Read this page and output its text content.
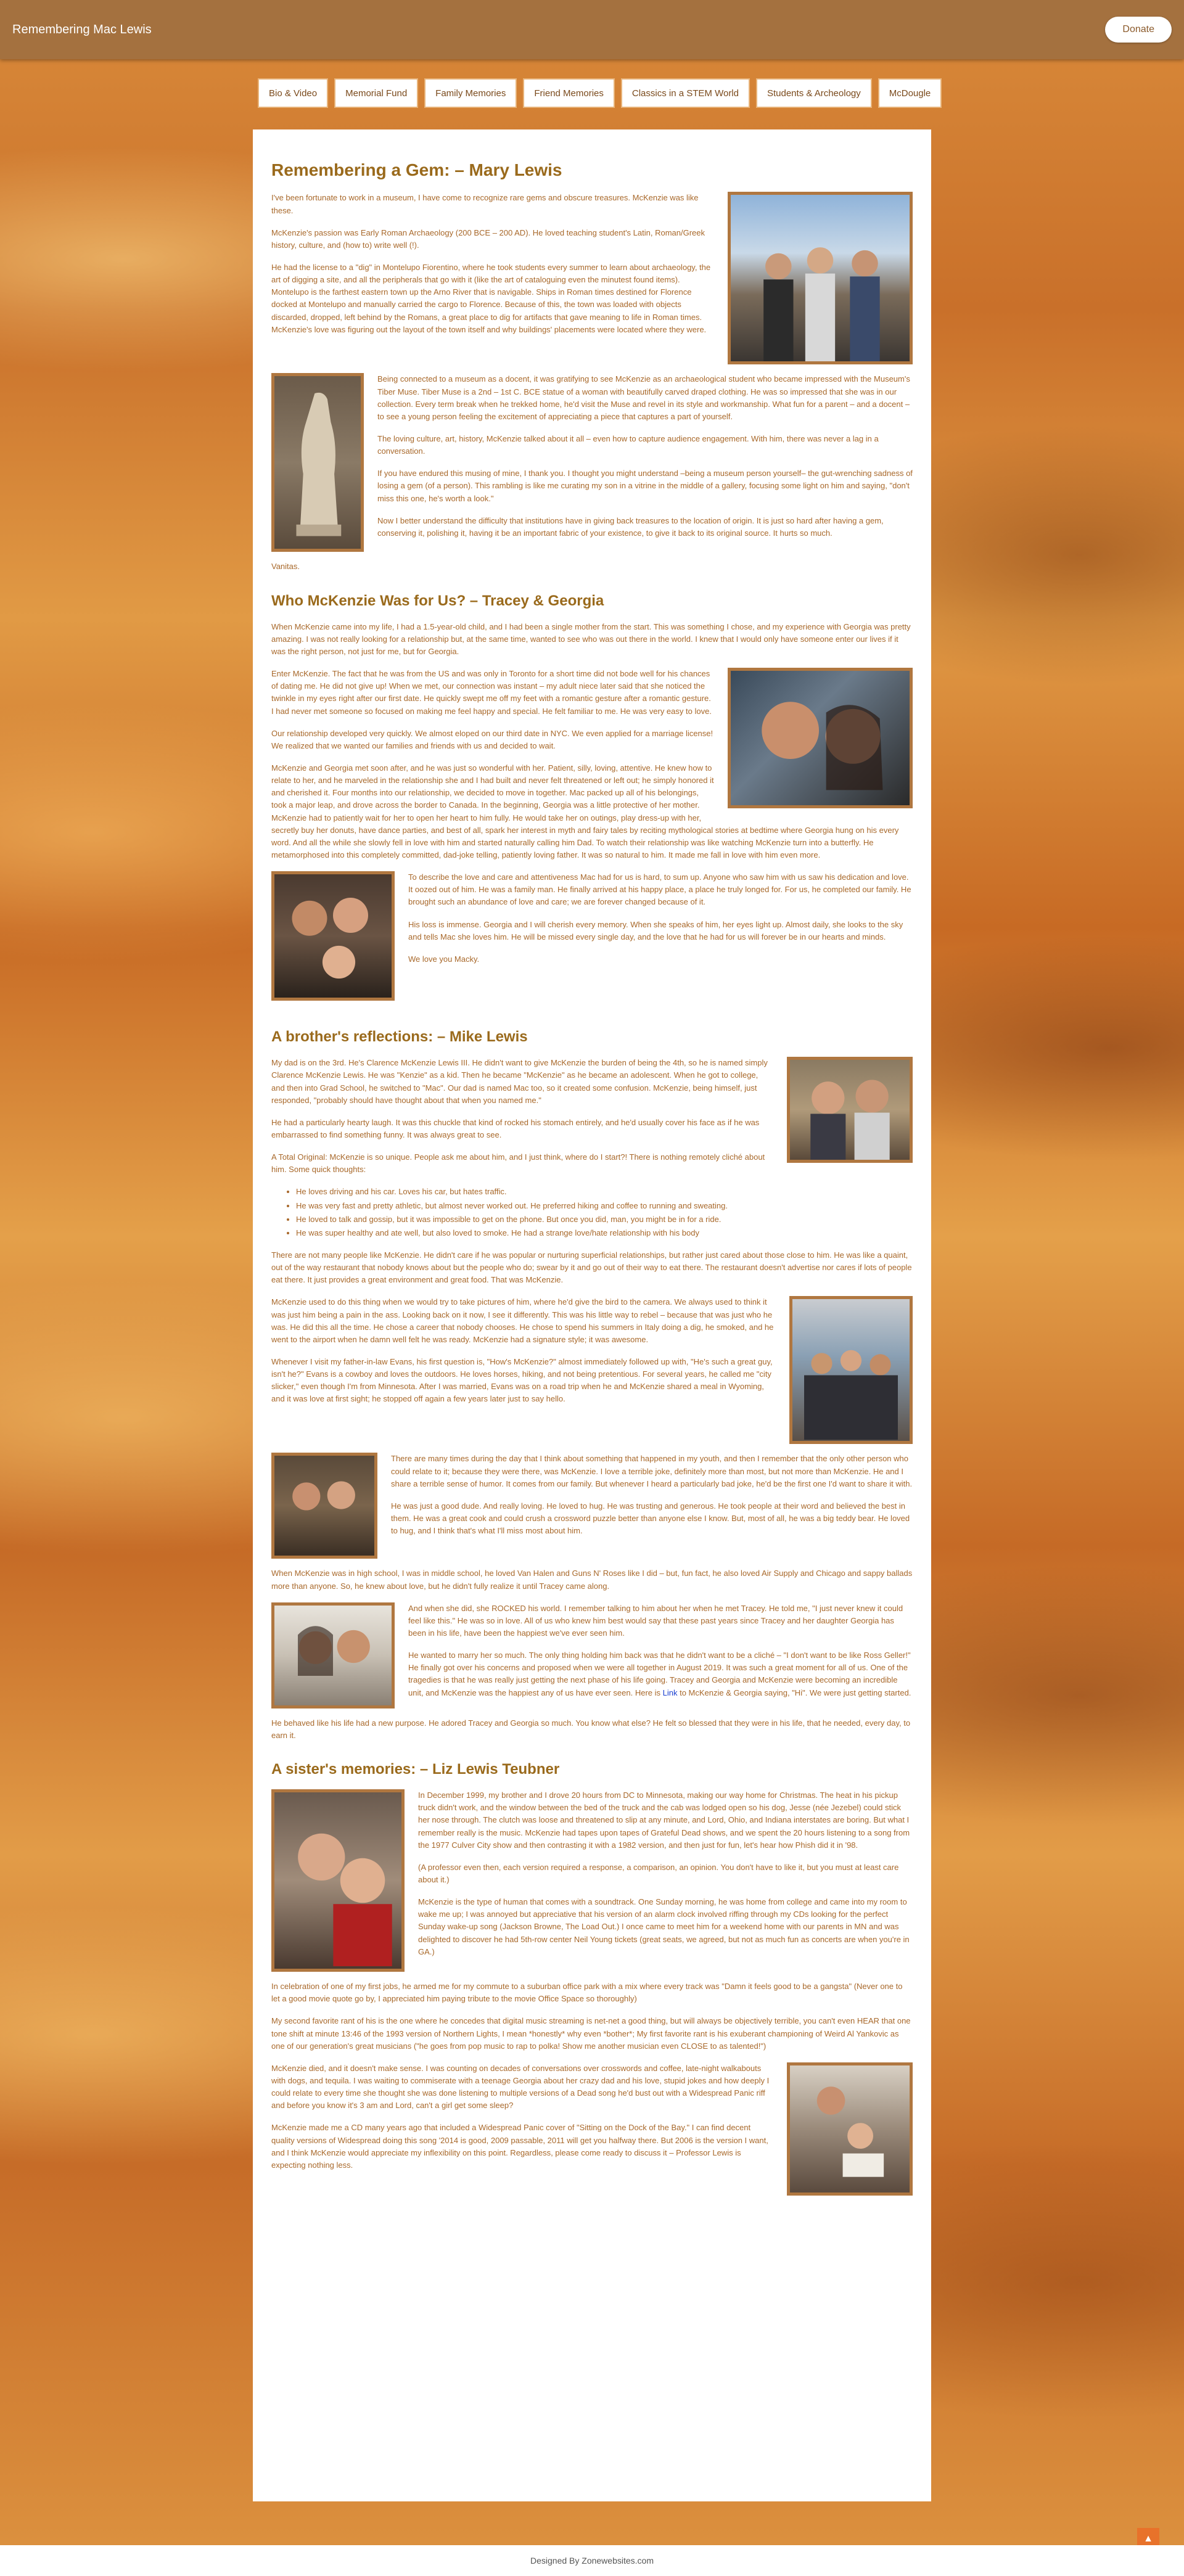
Remembering Mac Lewis	Donate
Bio & Video	Memorial Fund	Family Memories	Friend Memories	Classics in a STEM World	Students & Archeology	McDougle
Remembering a Gem: – Mary Lewis

I've been fortunate to work in a museum, I have come to recognize rare gems and obscure treasures. McKenzie was like these.

McKenzie's passion was Early Roman Archaeology (200 BCE – 200 AD). He loved teaching student's Latin, Roman/Greek history, culture, and (how to) write well (!).

He had the license to a "dig" in Montelupo Fiorentino, where he took students every summer to learn about archaeology, the art of digging a site, and all the peripherals that go with it (like the art of cataloguing even the minutest found items). Montelupo is the farthest eastern town up the Arno River that is navigable. Ships in Roman times destined for Florence docked at Montelupo and manually carried the cargo to Florence. Because of this, the town was loaded with objects discarded, dropped, left behind by the Romans, a great place to dig for artifacts that gave meaning to life in Roman times. McKenzie's love was figuring out the layout of the town itself and why buildings' placements were located where they were.

Being connected to a museum as a docent, it was gratifying to see McKenzie as an archaeological student who became impressed with the Museum's Tiber Muse. Tiber Muse is a 2nd – 1st C. BCE statue of a woman with beautifully carved draped clothing. He was so impressed that she was in our collection. Every term break when he trekked home, he'd visit the Muse and revel in its style and workmanship. What fun for a parent – and a docent – to see a young person feeling the excitement of appreciating a piece that captures a part of yourself.

The loving culture, art, history, McKenzie talked about it all – even how to capture audience engagement. With him, there was never a lag in a conversation.

If you have endured this musing of mine, I thank you. I thought you might understand –being a museum person yourself– the gut-wrenching sadness of losing a gem (of a person). This rambling is like me curating my son in a vitrine in the middle of a gallery, focusing some light on him and saying, "don't miss this one, he's worth a look."

Now I better understand the difficulty that institutions have in giving back treasures to the location of origin. It is just so hard after having a gem, conserving it, polishing it, having it be an important fabric of your existence, to give it back to its original source. It hurts so much.

Vanitas.

Who McKenzie Was for Us? – Tracey & Georgia

When McKenzie came into my life, I had a 1.5-year-old child, and I had been a single mother from the start. This was something I chose, and my experience with Georgia was pretty amazing. I was not really looking for a relationship but, at the same time, wanted to see who was out there in the world. I knew that I would only have someone enter our lives if it was the right person, not just for me, but for Georgia.

Enter McKenzie. The fact that he was from the US and was only in Toronto for a short time did not bode well for his chances of dating me. He did not give up! When we met, our connection was instant – my adult niece later said that she noticed the twinkle in my eyes right after our first date. He quickly swept me off my feet with a romantic gesture after a romantic gesture. I had never met someone so focused on making me feel happy and special. He felt familiar to me. He was very easy to love.

Our relationship developed very quickly. We almost eloped on our third date in NYC. We even applied for a marriage license! We realized that we wanted our families and friends with us and decided to wait.

McKenzie and Georgia met soon after, and he was just so wonderful with her. Patient, silly, loving, attentive. He knew how to relate to her, and he marveled in the relationship she and I had built and never felt threatened or left out; he simply honored it and cherished it. Four months into our relationship, we decided to move in together. Mac packed up all of his belongings, took a major leap, and drove across the border to Canada. In the beginning, Georgia was a little protective of her mother. McKenzie had to patiently wait for her to open her heart to him fully. He would take her on outings, play dress-up with her, secretly buy her donuts, have dance parties, and best of all, spark her interest in myth and fairy tales by reciting mythological stories at bedtime where Georgia hung on his every word. And all the while she slowly fell in love with him and started naturally calling him Dad. To watch their relationship was like watching McKenzie turn into a butterfly. He metamorphosed into this completely committed, dad-joke telling, patiently loving father. It was so natural to him. It made me fall in love with him even more.

To describe the love and care and attentiveness Mac had for us is hard, to sum up. Anyone who saw him with us saw his dedication and love. It oozed out of him. He was a family man. He finally arrived at his happy place, a place he truly longed for. For us, he completed our family. He brought such an abundance of love and care; we are forever changed because of it.

His loss is immense. Georgia and I will cherish every memory. When she speaks of him, her eyes light up. Almost daily, she looks to the sky and tells Mac she loves him. He will be missed every single day, and the love that he had for us will forever be in our hearts and minds.

We love you Macky.

A brother's reflections: – Mike Lewis

My dad is on the 3rd. He's Clarence McKenzie Lewis III. He didn't want to give McKenzie the burden of being the 4th, so he is named simply Clarence McKenzie Lewis. He was "Kenzie" as a kid. Then he became "McKenzie" as he became an adolescent. When he got to college, and then into Grad School, he switched to "Mac". Our dad is named Mac too, so it created some confusion. McKenzie, being himself, just responded, "probably should have thought about that when you named me."

He had a particularly hearty laugh. It was this chuckle that kind of rocked his stomach entirely, and he'd usually cover his face as if he was embarrassed to find something funny. It was always great to see.

A Total Original: McKenzie is so unique. People ask me about him, and I just think, where do I start?! There is nothing remotely cliché about him. Some quick thoughts:

• He loves driving and his car. Loves his car, but hates traffic.
• He was very fast and pretty athletic, but almost never worked out. He preferred hiking and coffee to running and sweating.
• He loved to talk and gossip, but it was impossible to get on the phone. But once you did, man, you might be in for a ride.
• He was super healthy and ate well, but also loved to smoke. He had a strange love/hate relationship with his body

There are not many people like McKenzie. He didn't care if he was popular or nurturing superficial relationships, but rather just cared about those close to him. He was like a quaint, out of the way restaurant that nobody knows about but the people who do; swear by it and go out of their way to eat there. The restaurant doesn't advertise nor cares if lots of people eat there. It just provides a great environment and great food. That was McKenzie.

McKenzie used to do this thing when we would try to take pictures of him, where he'd give the bird to the camera. We always used to think it was just him being a pain in the ass. Looking back on it now, I see it differently. This was his little way to rebel – because that was just who he was. He did this all the time. He chose a career that nobody chooses. He chose to spend his summers in Italy doing a dig, he smoked, and he went to the airport when he damn well felt he was ready. McKenzie had a signature style; it was awesome.

Whenever I visit my father-in-law Evans, his first question is, "How's McKenzie?" almost immediately followed up with, "He's such a great guy, isn't he?" Evans is a cowboy and loves the outdoors. He loves horses, hiking, and not being pretentious. For several years, he called me "city slicker," even though I'm from Minnesota. After I was married, Evans was on a road trip when he and McKenzie shared a meal in Wyoming, and it was love at first sight; he stopped off again a few years later just to say hello.

There are many times during the day that I think about something that happened in my youth, and then I remember that the only other person who could relate to it; because they were there, was McKenzie. I love a terrible joke, definitely more than most, but not more than McKenzie. He and I share a terrible sense of humor. It comes from our family. But whenever I heard a particularly bad joke, he'd be the first one I'd want to share it with.

He was just a good dude. And really loving. He loved to hug. He was trusting and generous. He took people at their word and believed the best in them. He was a great cook and could crush a crossword puzzle better than anyone else I know. But, most of all, he was a big teddy bear. He loved to hug, and I think that's what I'll miss most about him.

When McKenzie was in high school, I was in middle school, he loved Van Halen and Guns N' Roses like I did – but, fun fact, he also loved Air Supply and Chicago and sappy ballads more than anyone. So, he knew about love, but he didn't fully realize it until Tracey came along.

And when she did, she ROCKED his world. I remember talking to him about her when he met Tracey. He told me, "I just never knew it could feel like this." He was so in love. All of us who knew him best would say that these past years since Tracey and her daughter Georgia has been in his life, have been the happiest we've ever seen him.

He wanted to marry her so much. The only thing holding him back was that he didn't want to be a cliché – "I don't want to be like Ross Geller!" He finally got over his concerns and proposed when we were all together in August 2019. It was such a great moment for all of us. One of the tragedies is that he was really just getting the next phase of his life going. Tracey and Georgia and McKenzie were becoming an incredible unit, and McKenzie was the happiest any of us have ever seen. Here is Link to McKenzie & Georgia saying, "Hi". We were just getting started.

He behaved like his life had a new purpose. He adored Tracey and Georgia so much. You know what else? He felt so blessed that they were in his life, that he needed, every day, to earn it.

A sister's memories: – Liz Lewis Teubner

In December 1999, my brother and I drove 20 hours from DC to Minnesota, making our way home for Christmas. The heat in his pickup truck didn't work, and the window between the bed of the truck and the cab was lodged open so his dog, Jesse (née Jezebel) could stick her nose through. The clutch was loose and threatened to slip at any minute, and Lord, Ohio, and Indiana interstates are boring. But what I remember really is the music. McKenzie had tapes upon tapes of Grateful Dead shows, and we spent the 20 hours listening to a song from the 1977 Culver City show and then contrasting it with a 1982 version, and then just for fun, let's hear how Phish did it in '98.

(A professor even then, each version required a response, a comparison, an opinion. You don't have to like it, but you must at least care about it.)

McKenzie is the type of human that comes with a soundtrack. One Sunday morning, he was home from college and came into my room to wake me up; I was annoyed but appreciative that his version of an alarm clock involved riffing through my CDs looking for the perfect Sunday wake-up song (Jackson Browne, The Load Out.) I once came to meet him for a weekend home with our parents in MN and was delighted to discover he had 5th-row center Neil Young tickets (great seats, we agreed, but not as much fun as concerts are when you're in GA.)

In celebration of one of my first jobs, he armed me for my commute to a suburban office park with a mix where every track was "Damn it feels good to be a gangsta" (Never one to let a good movie quote go by, I appreciated him paying tribute to the movie Office Space so thoroughly)

My second favorite rant of his is the one where he concedes that digital music streaming is net-net a good thing, but will always be objectively terrible, you can't even HEAR that one tone shift at minute 13:46 of the 1993 version of Northern Lights, I mean *honestly* why even *bother*; My first favorite rant is his exuberant championing of Weird Al Yankovic as one of our generation's great musicians ("he goes from pop music to rap to polka! Show me another musician even CLOSE to as talented!")

McKenzie died, and it doesn't make sense. I was counting on decades of conversations over crosswords and coffee, late-night walkabouts with dogs, and tequila. I was waiting to commiserate with a teenage Georgia about her crazy dad and his love, stupid jokes and how deeply I could relate to every time she thought she was done listening to multiple versions of a Dead song he'd bust out with a Widespread Panic riff and before you know it's 3 am and Lord, can't a girl get some sleep?

McKenzie made me a CD many years ago that included a Widespread Panic cover of "Sitting on the Dock of the Bay." I can find decent quality versions of Widespread doing this song '2014 is good, 2009 passable, 2011 will get you halfway there. But 2006 is the version I want, and I think McKenzie would appreciate my inflexibility on this point. Regardless, please come ready to discuss it – Professor Lewis is expecting nothing less.

▲
Designed By Zonewebsites.com
